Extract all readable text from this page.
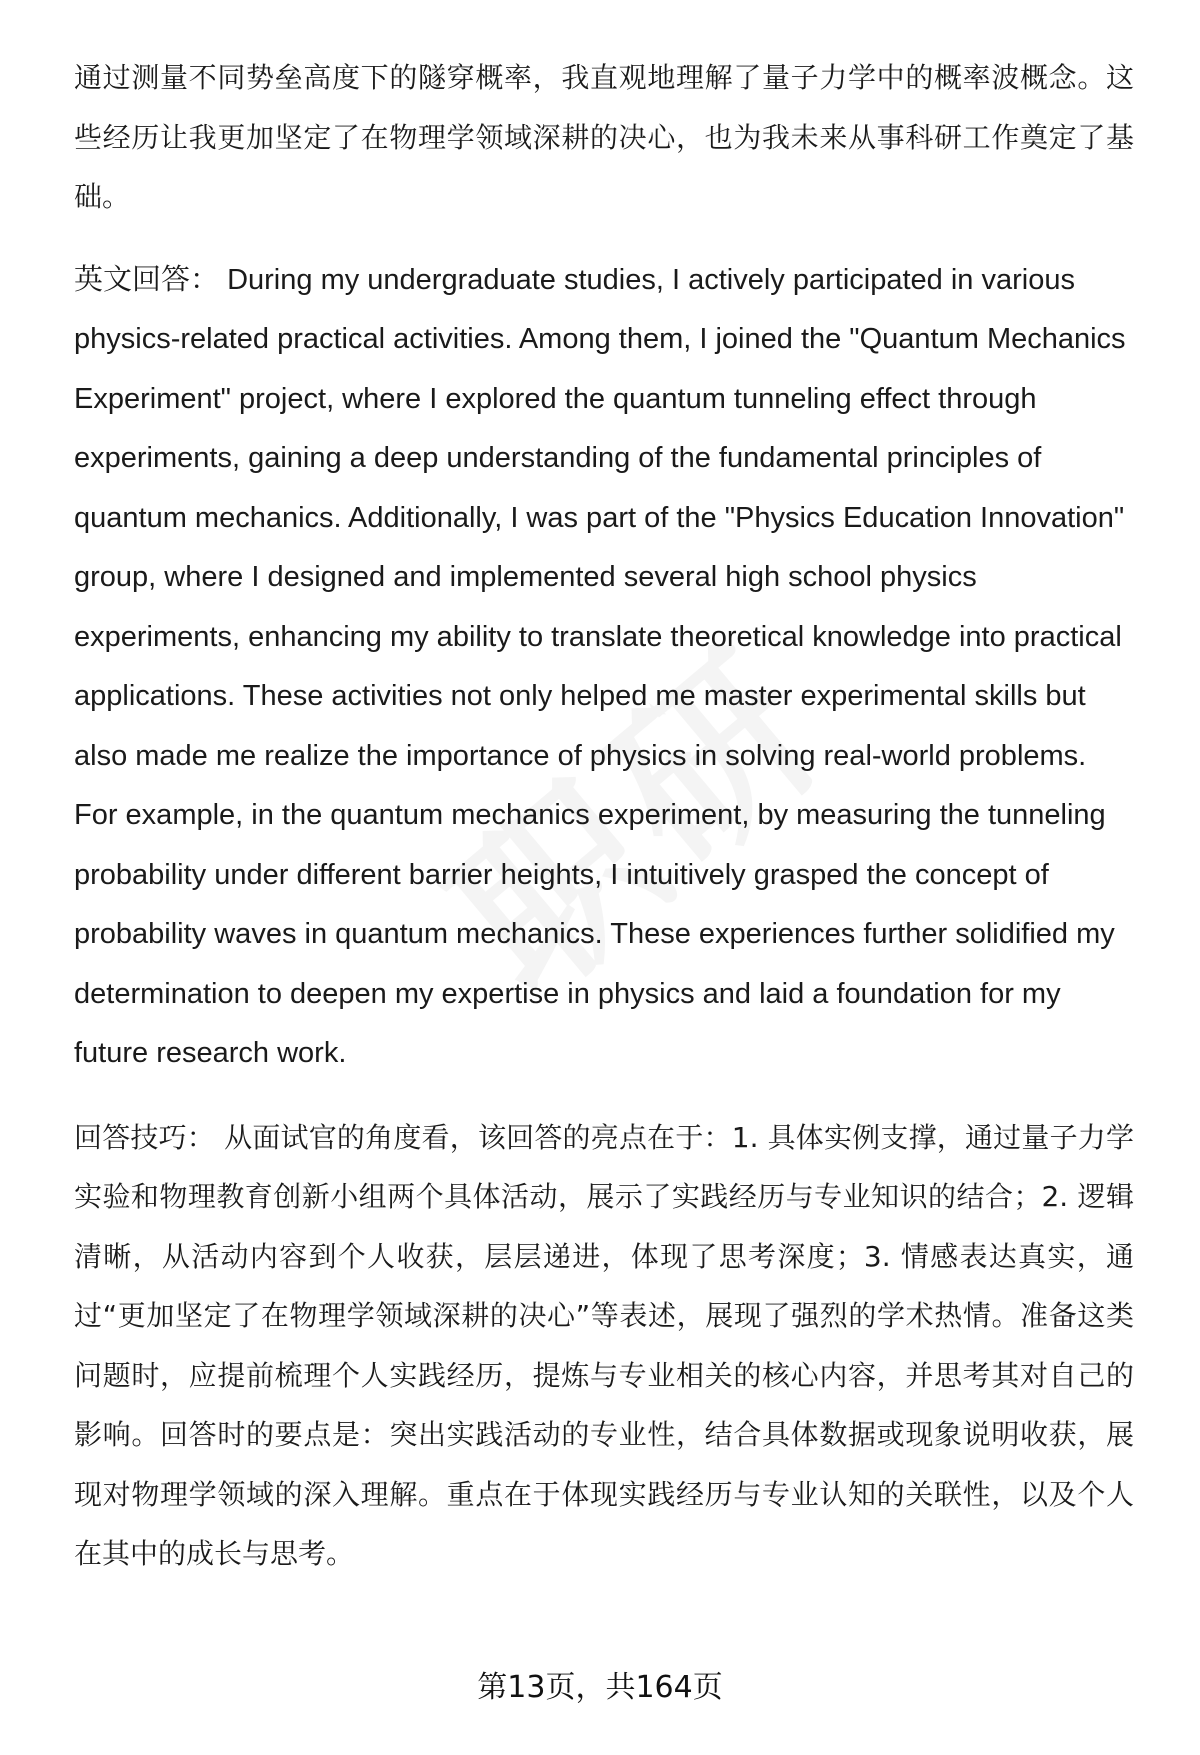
通过测量不同势垒高度下的隧穿概率，我直观地理解了量子力学中的概率波概念。这些经历让我更加坚定了在物理学领域深耕的决心，也为我未来从事科研工作奠定了基础。

英文回答： During my undergraduate studies, I actively participated in various physics-related practical activities. Among them, I joined the "Quantum Mechanics Experiment" project, where I explored the quantum tunneling effect through experiments, gaining a deep understanding of the fundamental principles of quantum mechanics. Additionally, I was part of the "Physics Education Innovation" group, where I designed and implemented several high school physics experiments, enhancing my ability to translate theoretical knowledge into practical applications. These activities not only helped me master experimental skills but also made me realize the importance of physics in solving real-world problems. For example, in the quantum mechanics experiment, by measuring the tunneling probability under different barrier heights, I intuitively grasped the concept of probability waves in quantum mechanics. These experiences further solidified my determination to deepen my expertise in physics and laid a foundation for my future research work.

回答技巧： 从面试官的角度看，该回答的亮点在于：1. 具体实例支撑，通过量子力学实验和物理教育创新小组两个具体活动，展示了实践经历与专业知识的结合；2. 逻辑清晰，从活动内容到个人收获，层层递进，体现了思考深度；3. 情感表达真实，通过“更加坚定了在物理学领域深耕的决心”等表述，展现了强烈的学术热情。准备这类问题时，应提前梳理个人实践经历，提炼与专业相关的核心内容，并思考其对自己的影响。回答时的要点是：突出实践活动的专业性，结合具体数据或现象说明收获，展现对物理学领域的深入理解。重点在于体现实践经历与专业认知的关联性，以及个人在其中的成长与思考。

第13页，共164页
